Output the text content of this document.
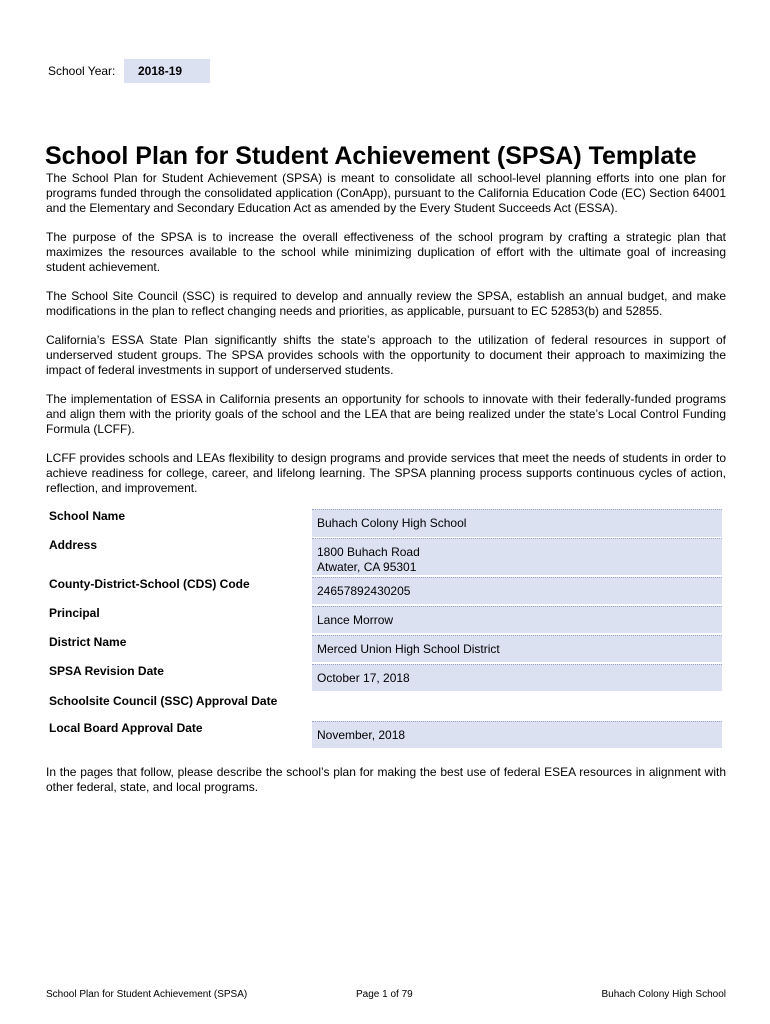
School Year:	2018-19
School Plan for Student Achievement (SPSA) Template

The School Plan for Student Achievement (SPSA) is meant to consolidate all school-level planning efforts into one plan for programs funded through the consolidated application (ConApp), pursuant to the California Education Code (EC) Section 64001 and the Elementary and Secondary Education Act as amended by the Every Student Succeeds Act (ESSA).

The purpose of the SPSA is to increase the overall effectiveness of the school program by crafting a strategic plan that maximizes the resources available to the school while minimizing duplication of effort with the ultimate goal of increasing student achievement.

The School Site Council (SSC) is required to develop and annually review the SPSA, establish an annual budget, and make modifications in the plan to reflect changing needs and priorities, as applicable, pursuant to EC 52853(b) and 52855.

California’s ESSA State Plan significantly shifts the state’s approach to the utilization of federal resources in support of underserved student groups. The SPSA provides schools with the opportunity to document their approach to maximizing the impact of federal investments in support of underserved students.

The implementation of ESSA in California presents an opportunity for schools to innovate with their federally-funded programs and align them with the priority goals of the school and the LEA that are being realized under the state’s Local Control Funding Formula (LCFF).

LCFF provides schools and LEAs flexibility to design programs and provide services that meet the needs of students in order to achieve readiness for college, career, and lifelong learning. The SPSA planning process supports continuous cycles of action, reflection, and improvement.

School Name	Buhach Colony High School
Address	1800 Buhach Road
Atwater, CA 95301
County-District-School (CDS) Code	24657892430205
Principal	Lance Morrow
District Name	Merced Union High School District
SPSA Revision Date	October 17, 2018
Schoolsite Council (SSC) Approval Date
Local Board Approval Date	November, 2018

In the pages that follow, please describe the school’s plan for making the best use of federal ESEA resources in alignment with other federal, state, and local programs.

School Plan for Student Achievement (SPSA)	Page 1 of 79	Buhach Colony High School
